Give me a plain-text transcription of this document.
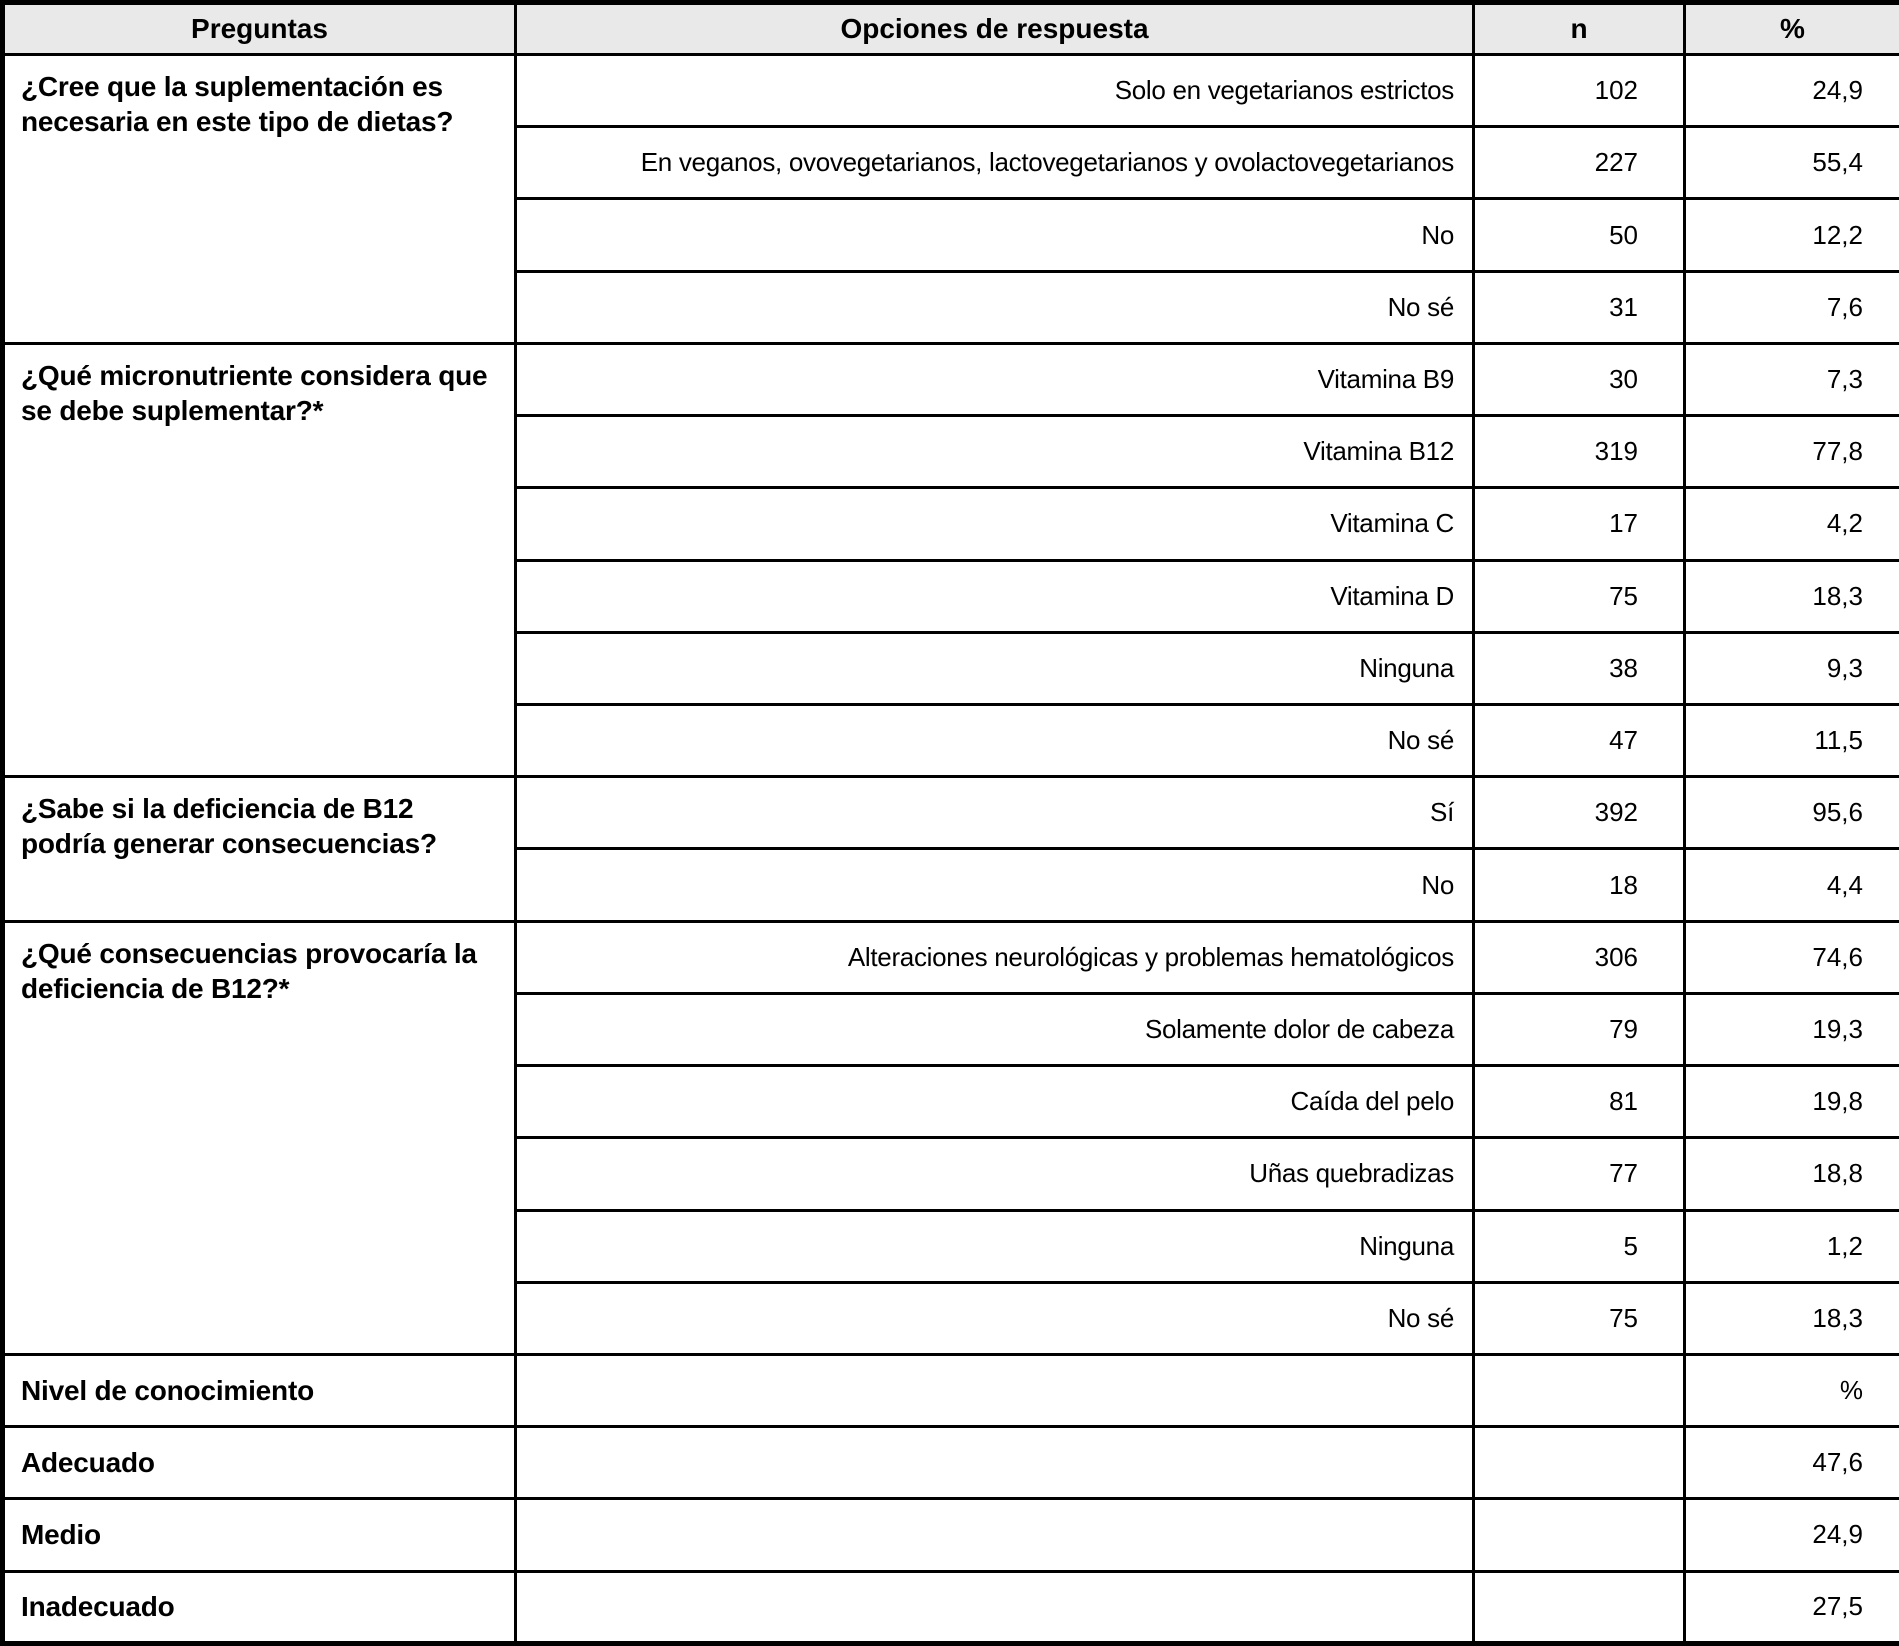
Preguntas	Opciones de respuesta	n	%
¿Cree que la suplementación es necesaria en este tipo de dietas?	Solo en vegetarianos estrictos	102	24,9
	En veganos, ovovegetarianos, lactovegetarianos y ovolactovegetarianos	227	55,4
	No	50	12,2
	No sé	31	7,6
¿Qué micronutriente considera que se debe suplementar?*	Vitamina B9	30	7,3
	Vitamina B12	319	77,8
	Vitamina C	17	4,2
	Vitamina D	75	18,3
	Ninguna	38	9,3
	No sé	47	11,5
¿Sabe si la deficiencia de B12 podría generar consecuencias?	Sí	392	95,6
	No	18	4,4
¿Qué consecuencias provocaría la deficiencia de B12?*	Alteraciones neurológicas y problemas hematológicos	306	74,6
	Solamente dolor de cabeza	79	19,3
	Caída del pelo	81	19,8
	Uñas quebradizas	77	18,8
	Ninguna	5	1,2
	No sé	75	18,3
Nivel de conocimiento			%
Adecuado			47,6
Medio			24,9
Inadecuado			27,5
